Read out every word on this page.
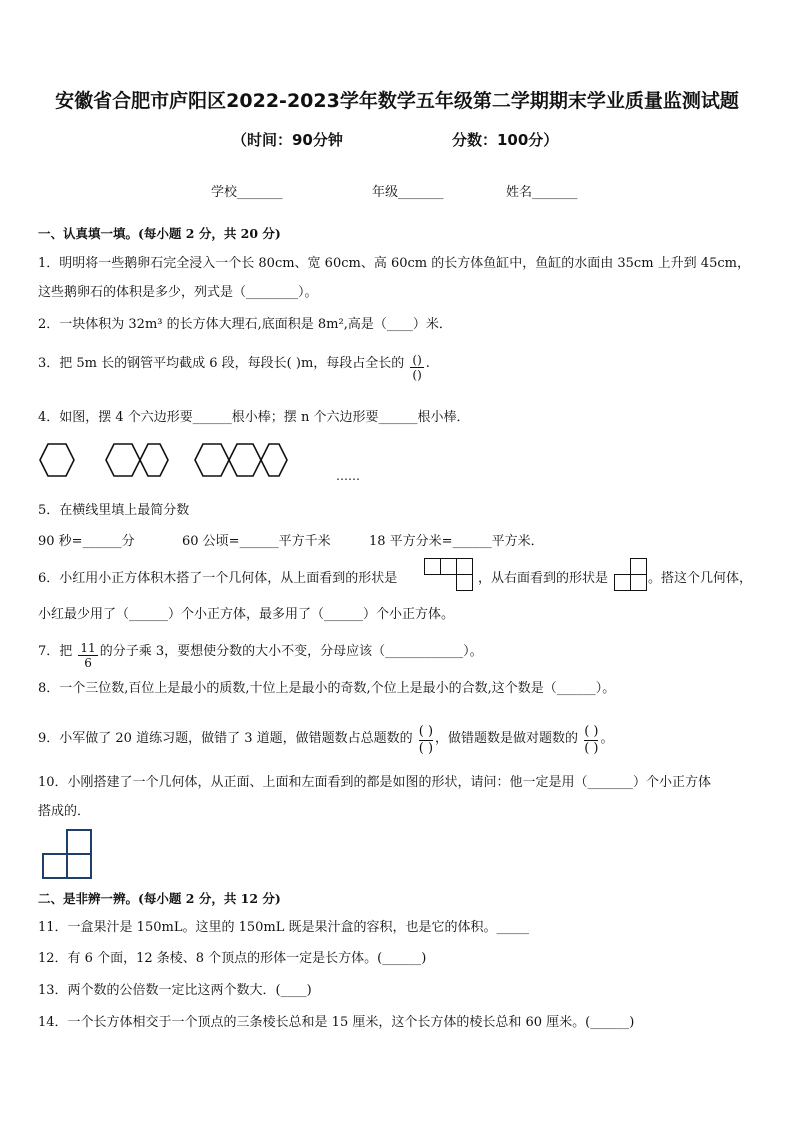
安徽省合肥市庐阳区2022-2023学年数学五年级第二学期期末学业质量监测试题
（时间：90分钟	分数：100分）
学校_______	年级_______	姓名_______
一、认真填一填。(每小题 2 分，共 20 分)
1．明明将一些鹅卵石完全浸入一个长 80cm、宽 60cm、高 60cm 的长方体鱼缸中，鱼缸的水面由 35cm 上升到 45cm，
这些鹅卵石的体积是多少，列式是（________）。
2．一块体积为 32m³ 的长方体大理石,底面积是 8m²,高是（____）米．
3．把 5m 长的钢管平均截成 6 段，每段长( )m，每段占全长的 $\frac{()}{()}$ .
4．如图，摆 4 个六边形要______根小棒；摆 n 个六边形要______根小棒．
……
5．在横线里填上最简分数
90 秒=______分	60 公顷=______平方千米	18 平方分米=______平方米．
6．小红用小正方体积木搭了一个几何体，从上面看到的形状是	，从右面看到的形状是	。搭这个几何体，
小红最少用了（______）个小正方体，最多用了（______）个小正方体。
7．把 $\frac{11}{6}$ 的分子乘 3，要想使分数的大小不变，分母应该（____________）。
8．一个三位数,百位上是最小的质数,十位上是最小的奇数,个位上是最小的合数,这个数是（______）。
9．小军做了 20 道练习题，做错了 3 道题，做错题数占总题数的 $\frac{( )}{( )}$ ，做错题数是做对题数的 $\frac{( )}{( )}$ 。
10．小刚搭建了一个几何体，从正面、上面和左面看到的都是如图的形状，请问：他一定是用（_______）个小正方体
搭成的．
二、是非辨一辨。(每小题 2 分，共 12 分)
11．一盒果汁是 150mL。这里的 150mL 既是果汁盒的容积，也是它的体积。_____
12．有 6 个面，12 条棱、8 个顶点的形体一定是长方体。(______)
13．两个数的公倍数一定比这两个数大．(____)
14．一个长方体相交于一个顶点的三条棱长总和是 15 厘米，这个长方体的棱长总和 60 厘米。(______)
